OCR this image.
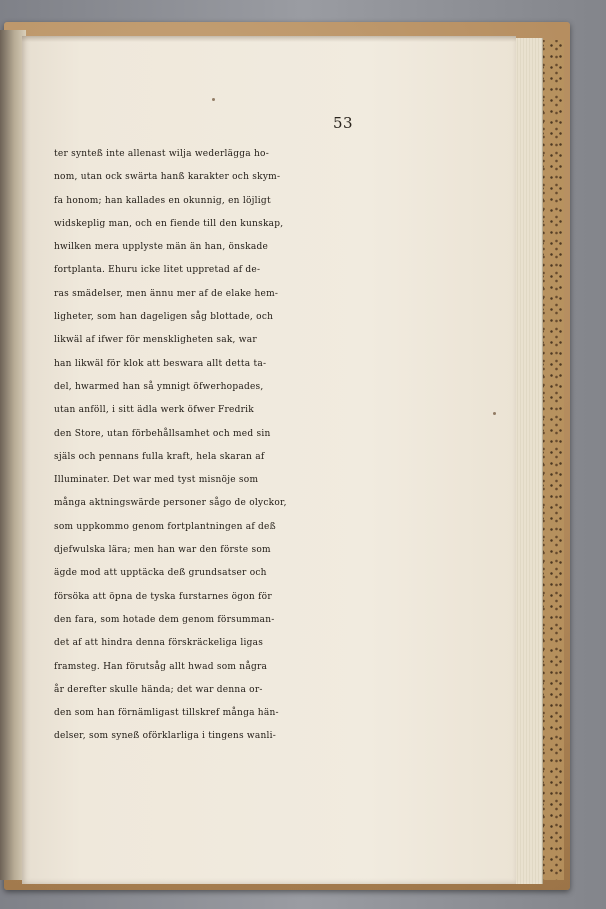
53
ter synteß inte allenast wilja wederlägga ho-
nom, utan ock swärta hanß karakter och skym-
fa honom; han kallades en okunnig, en löjligt
widskeplig man, och en fiende till den kunskap,
hwilken mera upplyste män än han, önskade
fortplanta. Ehuru icke litet uppretad af de-
ras smädelser, men ännu mer af de elake hem-
ligheter, som han dageligen såg blottade, och
likwäl af ifwer för menskligheten sak, war
han likwäl för klok att beswara allt detta ta-
del, hwarmed han så ymnigt öfwerhopades,
utan anföll, i sitt ädla werk öfwer Fredrik
den Store, utan förbehållsamhet och med sin
själs och pennans fulla kraft, hela skaran af
Illuminater. Det war med tyst misnöje som
många aktningswärde personer sågo de olyckor,
som uppkommo genom fortplantningen af deß
djefwulska lära; men han war den förste som
ägde mod att upptäcka deß grundsatser och
försöka att öpna de tyska furstarnes ögon för
den fara, som hotade dem genom försumman-
det af att hindra denna förskräckeliga ligas
framsteg. Han förutsåg allt hwad som några
år derefter skulle hända; det war denna or-
den som han förnämligast tillskref många hän-
delser, som syneß oförklarliga i tingens wanli-
